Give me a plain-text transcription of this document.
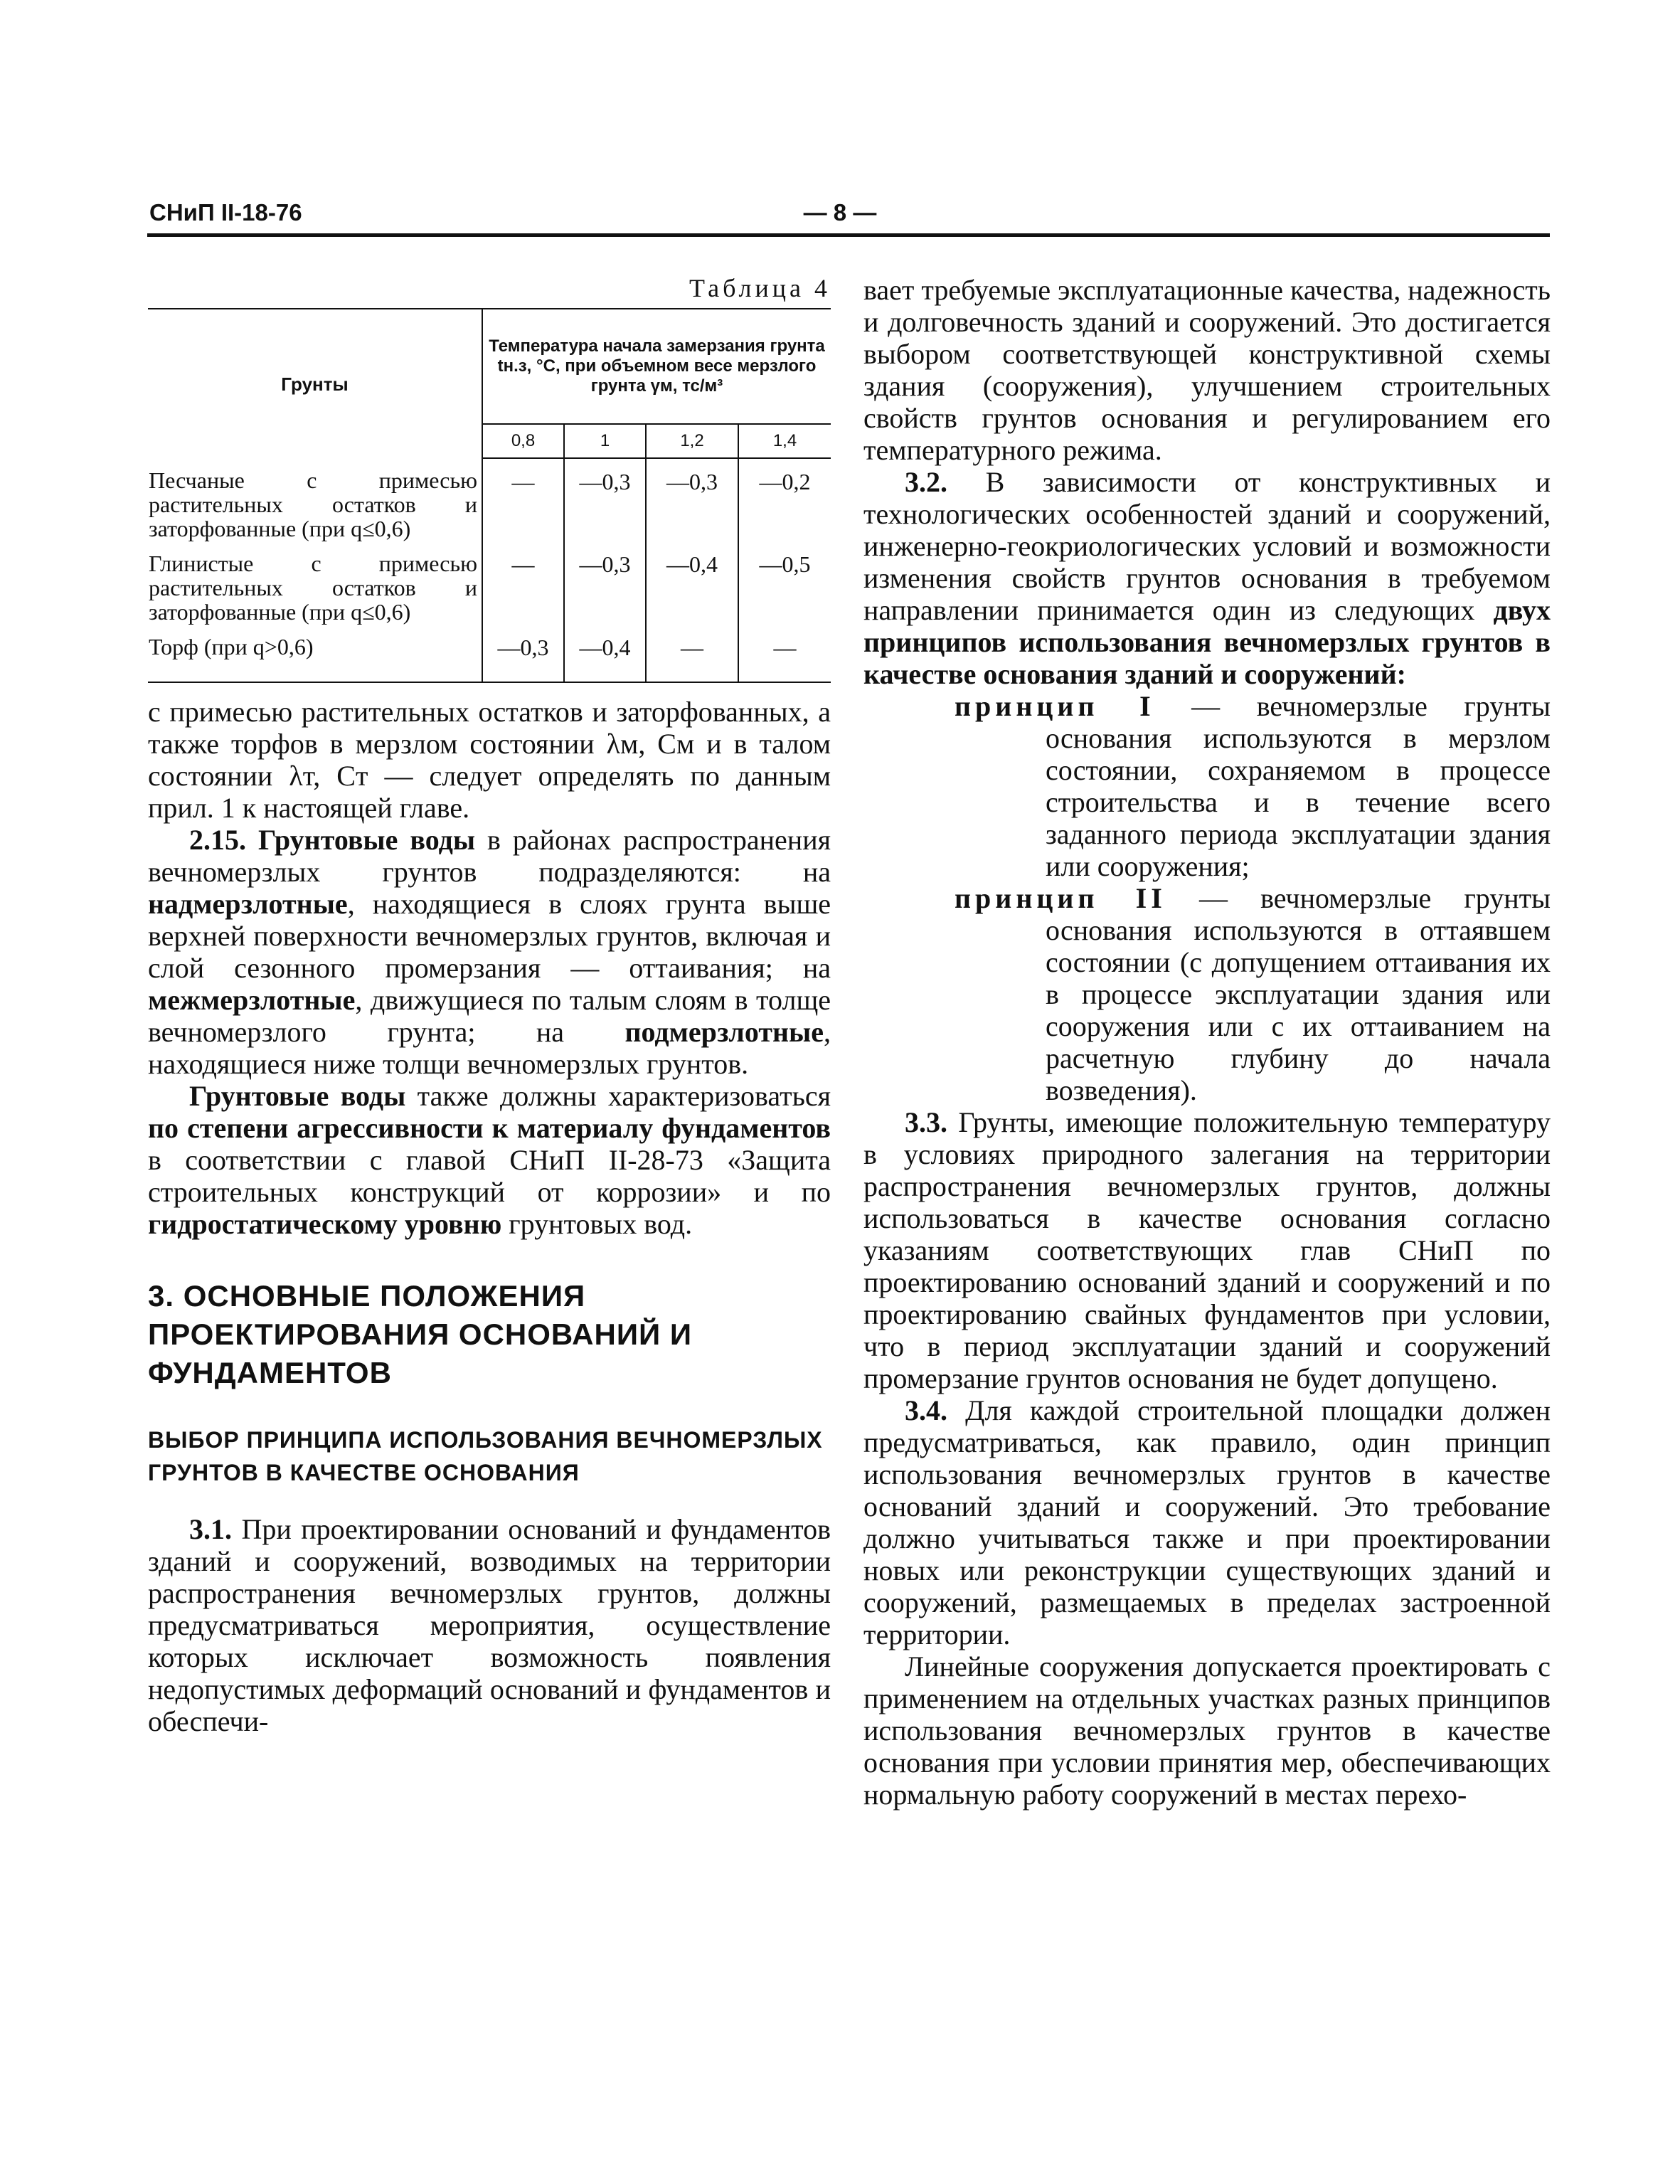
СНиП II-18-76	— 8 —
Таблица 4
Грунты	Температура начала замерзания грунта tн.з, °С, при объемном весе мерзлого грунта γм, тс/м³			
	0,8	1	1,2	1,4
Песчаные с примесью растительных остатков и заторфованные (при q≤0,6)	—	—0,3	—0,3	—0,2
Глинистые с примесью растительных остатков и заторфованные (при q≤0,6)	—	—0,3	—0,4	—0,5
Торф (при q>0,6)	—0,3	—0,4	—	—

с примесью растительных остатков и заторфованных, а также торфов в мерзлом состоянии λм, Cм и в талом состоянии λт, Cт — следует определять по данным прил. 1 к настоящей главе.

2.15. Грунтовые воды в районах распространения вечномерзлых грунтов подразделяются: на надмерзлотные, находящиеся в слоях грунта выше верхней поверхности вечномерзлых грунтов, включая и слой сезонного промерзания — оттаивания; на межмерзлотные, движущиеся по талым слоям в толще вечномерзлого грунта; на подмерзлотные, находящиеся ниже толщи вечномерзлых грунтов.

Грунтовые воды также должны характеризоваться по степени агрессивности к материалу фундаментов в соответствии с главой СНиП II-28-73 «Защита строительных конструкций от коррозии» и по гидростатическому уровню грунтовых вод.

3. ОСНОВНЫЕ ПОЛОЖЕНИЯ ПРОЕКТИРОВАНИЯ ОСНОВАНИЙ И ФУНДАМЕНТОВ

ВЫБОР ПРИНЦИПА ИСПОЛЬЗОВАНИЯ ВЕЧНОМЕРЗЛЫХ ГРУНТОВ В КАЧЕСТВЕ ОСНОВАНИЯ

3.1. При проектировании оснований и фундаментов зданий и сооружений, возводимых на территории распространения вечномерзлых грунтов, должны предусматриваться мероприятия, осуществление которых исключает возможность появления недопустимых деформаций оснований и фундаментов и обеспечи-

вает требуемые эксплуатационные качества, надежность и долговечность зданий и сооружений. Это достигается выбором соответствующей конструктивной схемы здания (сооружения), улучшением строительных свойств грунтов основания и регулированием его температурного режима.

3.2. В зависимости от конструктивных и технологических особенностей зданий и сооружений, инженерно-геокриологических условий и возможности изменения свойств грунтов основания в требуемом направлении принимается один из следующих двух принципов использования вечномерзлых грунтов в качестве основания зданий и сооружений:

принцип I — вечномерзлые грунты основания используются в мерзлом состоянии, сохраняемом в процессе строительства и в течение всего заданного периода эксплуатации здания или сооружения;

принцип II — вечномерзлые грунты основания используются в оттаявшем состоянии (с допущением оттаивания их в процессе эксплуатации здания или сооружения или с их оттаиванием на расчетную глубину до начала возведения).

3.3. Грунты, имеющие положительную температуру в условиях природного залегания на территории распространения вечномерзлых грунтов, должны использоваться в качестве основания согласно указаниям соответствующих глав СНиП по проектированию оснований зданий и сооружений и по проектированию свайных фундаментов при условии, что в период эксплуатации зданий и сооружений промерзание грунтов основания не будет допущено.

3.4. Для каждой строительной площадки должен предусматриваться, как правило, один принцип использования вечномерзлых грунтов в качестве оснований зданий и сооружений. Это требование должно учитываться также и при проектировании новых или реконструкции существующих зданий и сооружений, размещаемых в пределах застроенной территории.

Линейные сооружения допускается проектировать с применением на отдельных участках разных принципов использования вечномерзлых грунтов в качестве основания при условии принятия мер, обеспечивающих нормальную работу сооружений в местах перехо-
